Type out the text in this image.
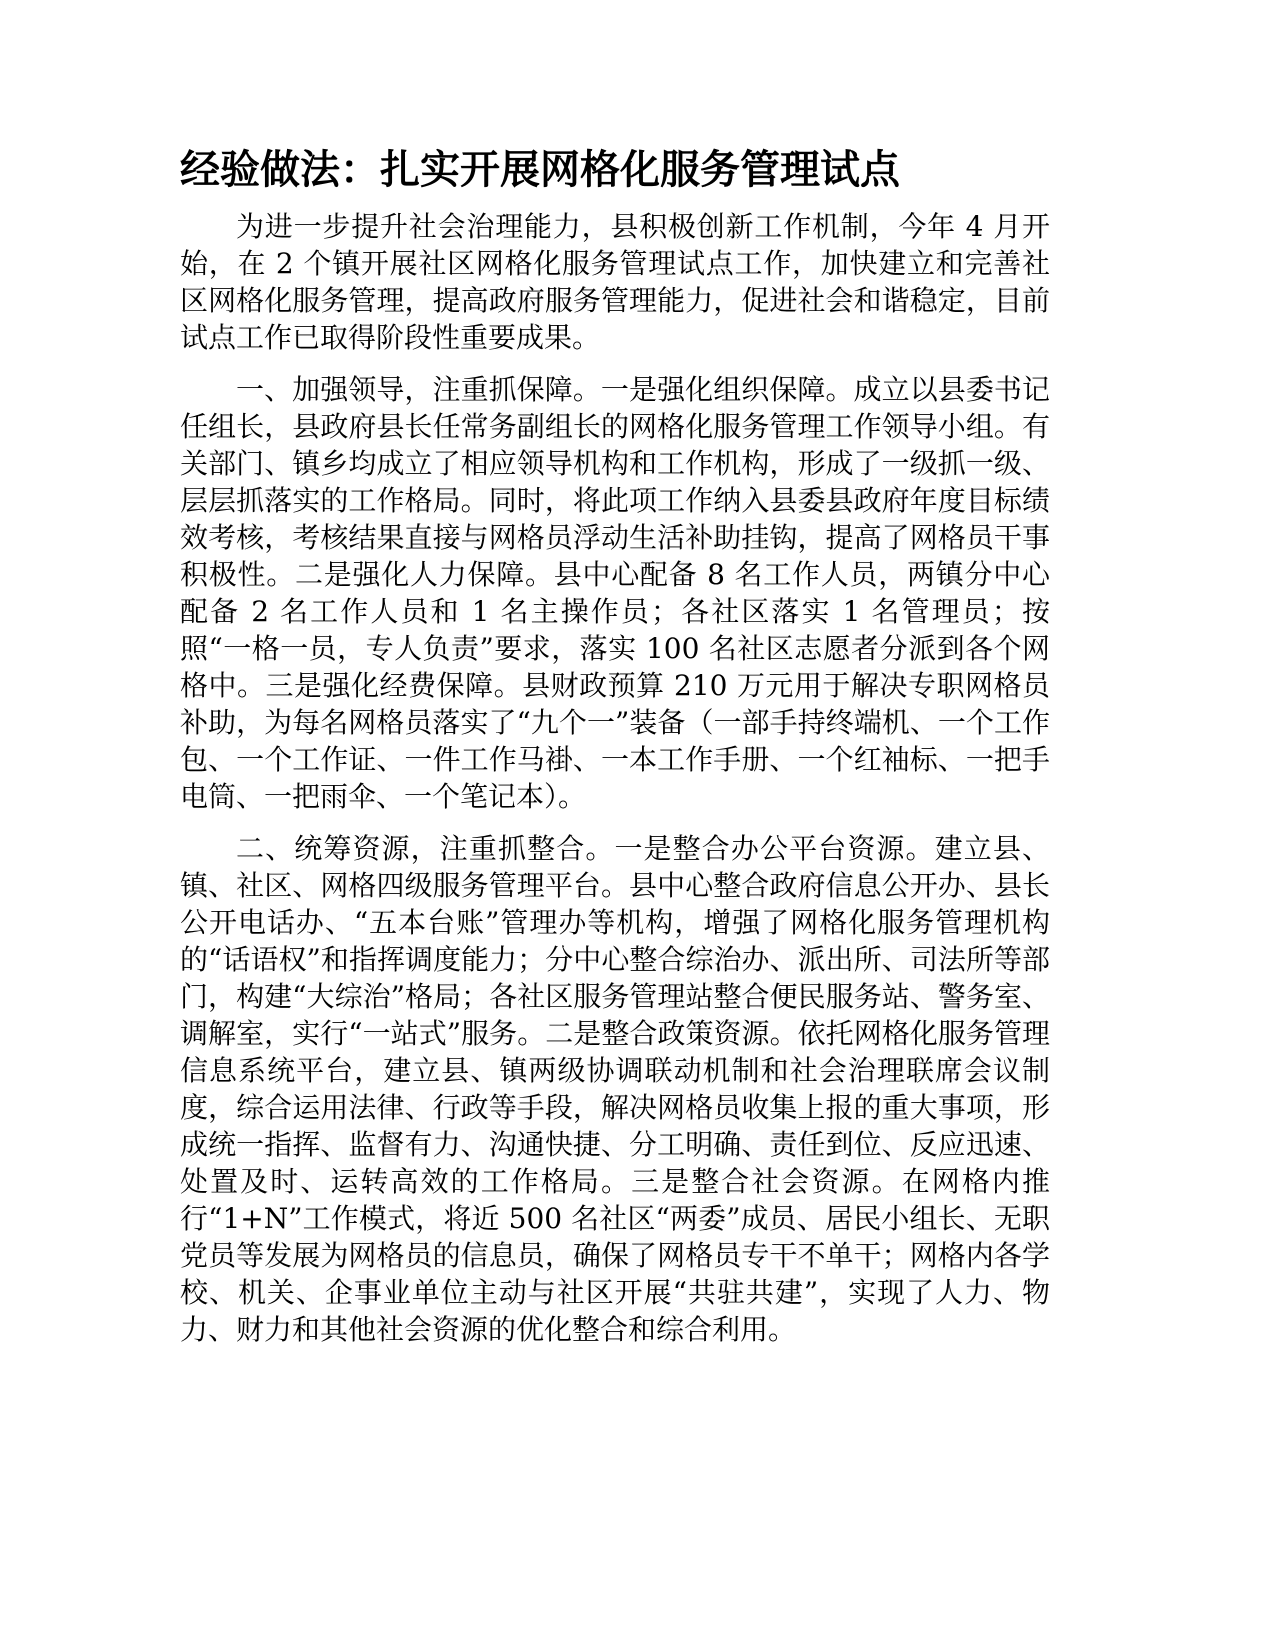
经验做法：扎实开展网格化服务管理试点

为进一步提升社会治理能力，县积极创新工作机制，今年 4 月开始，在 2 个镇开展社区网格化服务管理试点工作，加快建立和完善社区网格化服务管理，提高政府服务管理能力，促进社会和谐稳定，目前试点工作已取得阶段性重要成果。

一、加强领导，注重抓保障。一是强化组织保障。成立以县委书记任组长，县政府县长任常务副组长的网格化服务管理工作领导小组。有关部门、镇乡均成立了相应领导机构和工作机构，形成了一级抓一级、层层抓落实的工作格局。同时，将此项工作纳入县委县政府年度目标绩效考核，考核结果直接与网格员浮动生活补助挂钩，提高了网格员干事积极性。二是强化人力保障。县中心配备 8 名工作人员，两镇分中心配备 2 名工作人员和 1 名主操作员；各社区落实 1 名管理员；按照“一格一员，专人负责”要求，落实 100 名社区志愿者分派到各个网格中。三是强化经费保障。县财政预算 210 万元用于解决专职网格员补助，为每名网格员落实了“九个一”装备（一部手持终端机、一个工作包、一个工作证、一件工作马褂、一本工作手册、一个红袖标、一把手电筒、一把雨伞、一个笔记本）。

二、统筹资源，注重抓整合。一是整合办公平台资源。建立县、镇、社区、网格四级服务管理平台。县中心整合政府信息公开办、县长公开电话办、“五本台账”管理办等机构，增强了网格化服务管理机构的“话语权”和指挥调度能力；分中心整合综治办、派出所、司法所等部门，构建“大综治”格局；各社区服务管理站整合便民服务站、警务室、调解室，实行“一站式”服务。二是整合政策资源。依托网格化服务管理信息系统平台，建立县、镇两级协调联动机制和社会治理联席会议制度，综合运用法律、行政等手段，解决网格员收集上报的重大事项，形成统一指挥、监督有力、沟通快捷、分工明确、责任到位、反应迅速、处置及时、运转高效的工作格局。三是整合社会资源。在网格内推行“1+N”工作模式，将近 500 名社区“两委”成员、居民小组长、无职党员等发展为网格员的信息员，确保了网格员专干不单干；网格内各学校、机关、企事业单位主动与社区开展“共驻共建”，实现了人力、物力、财力和其他社会资源的优化整合和综合利用。
